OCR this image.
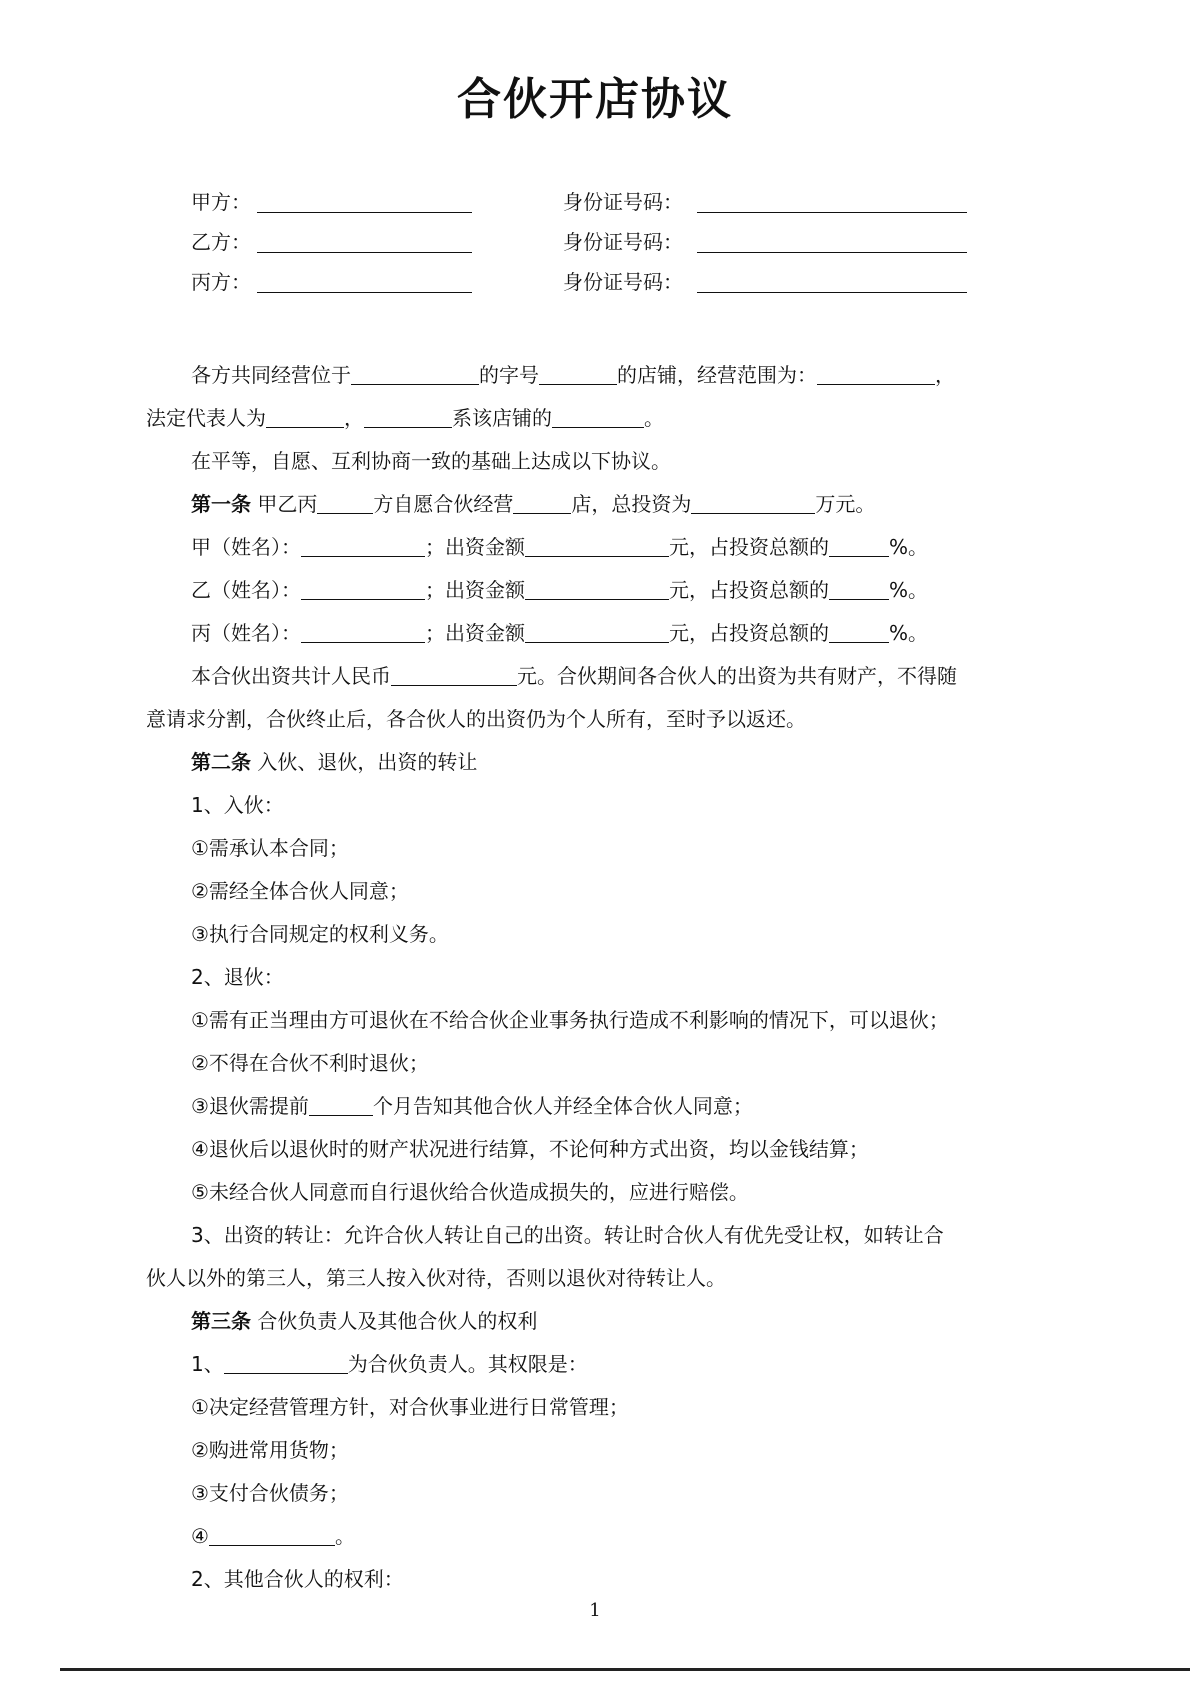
合伙开店协议
甲方：	身份证号码：
乙方：	身份证号码：
丙方：	身份证号码：
各方共同经营位于	的字号	的店铺，经营范围为：	，
法定代表人为	，	系该店铺的	。
在平等，自愿、互利协商一致的基础上达成以下协议。
第一条 甲乙丙	方自愿合伙经营	店，总投资为	万元。
甲（姓名）：	；出资金额	元，占投资总额的	%。
乙（姓名）：	；出资金额	元，占投资总额的	%。
丙（姓名）：	；出资金额	元，占投资总额的	%。
本合伙出资共计人民币	元。合伙期间各合伙人的出资为共有财产，不得随
意请求分割，合伙终止后，各合伙人的出资仍为个人所有，至时予以返还。
第二条 入伙、退伙，出资的转让
1、入伙：
①需承认本合同；
②需经全体合伙人同意；
③执行合同规定的权利义务。
2、退伙：
①需有正当理由方可退伙在不给合伙企业事务执行造成不利影响的情况下，可以退伙；
②不得在合伙不利时退伙；
③退伙需提前	个月告知其他合伙人并经全体合伙人同意；
④退伙后以退伙时的财产状况进行结算，不论何种方式出资，均以金钱结算；
⑤未经合伙人同意而自行退伙给合伙造成损失的，应进行赔偿。
3、出资的转让：允许合伙人转让自己的出资。转让时合伙人有优先受让权，如转让合
伙人以外的第三人，第三人按入伙对待，否则以退伙对待转让人。
第三条 合伙负责人及其他合伙人的权利
1、	为合伙负责人。其权限是：
①决定经营管理方针，对合伙事业进行日常管理；
②购进常用货物；
③支付合伙债务；
④	。
2、其他合伙人的权利：
1
